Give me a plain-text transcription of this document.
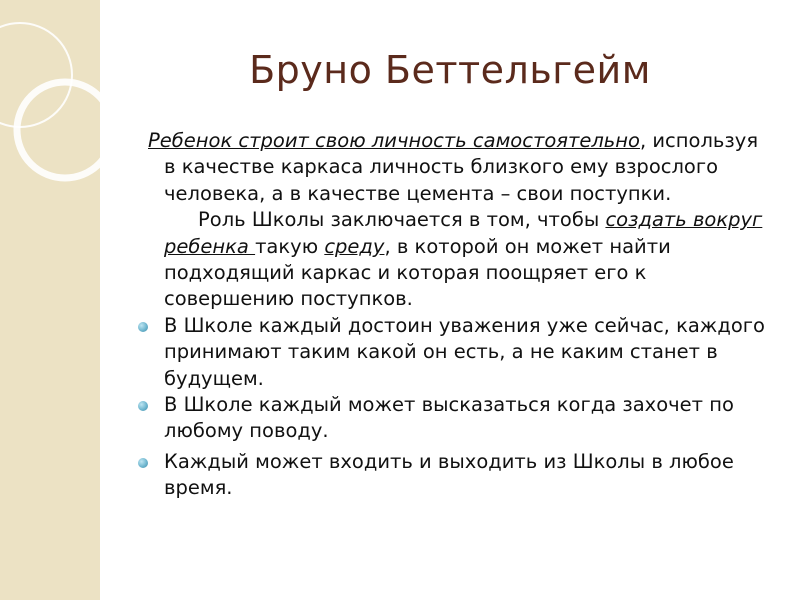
Бруно Беттельгейм

Ребенок строит свою личность самостоятельно, используя в качестве каркаса личность близкого ему взрослого человека, а в качестве цемента – свои поступки.

Роль Школы заключается в том, чтобы создать вокруг ребенка такую среду, в которой он может найти подходящий каркас и которая поощряет его к совершению поступков.

В Школе каждый достоин уважения уже сейчас, каждого принимают таким какой он есть, а не каким станет в будущем.

В Школе каждый может высказаться когда захочет по любому поводу.

Каждый может входить и выходить из Школы в любое время.
